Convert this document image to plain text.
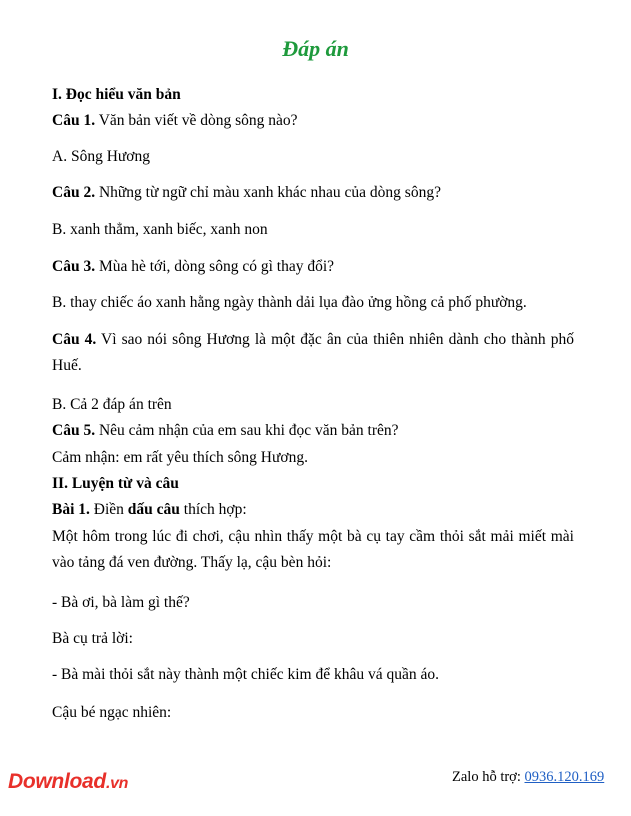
Đáp án
I. Đọc hiểu văn bản
Câu 1. Văn bản viết về dòng sông nào?
A. Sông Hương
Câu 2. Những từ ngữ chỉ màu xanh khác nhau của dòng sông?
B. xanh thẳm, xanh biếc, xanh non
Câu 3. Mùa hè tới, dòng sông có gì thay đổi?
B. thay chiếc áo xanh hằng ngày thành dải lụa đào ửng hồng cả phố phường.
Câu 4. Vì sao nói sông Hương là một đặc ân của thiên nhiên dành cho thành phố Huế.
B. Cả 2 đáp án trên
Câu 5. Nêu cảm nhận của em sau khi đọc văn bản trên?
Cảm nhận: em rất yêu thích sông Hương.
II. Luyện từ và câu
Bài 1. Điền dấu câu thích hợp:
Một hôm trong lúc đi chơi, cậu nhìn thấy một bà cụ tay cầm thỏi sắt mải miết mài vào tảng đá ven đường. Thấy lạ, cậu bèn hỏi:
- Bà ơi, bà làm gì thế?
Bà cụ trả lời:
- Bà mài thỏi sắt này thành một chiếc kim để khâu vá quần áo.
Cậu bé ngạc nhiên:
Download.vn	Zalo hỗ trợ: 0936.120.169
